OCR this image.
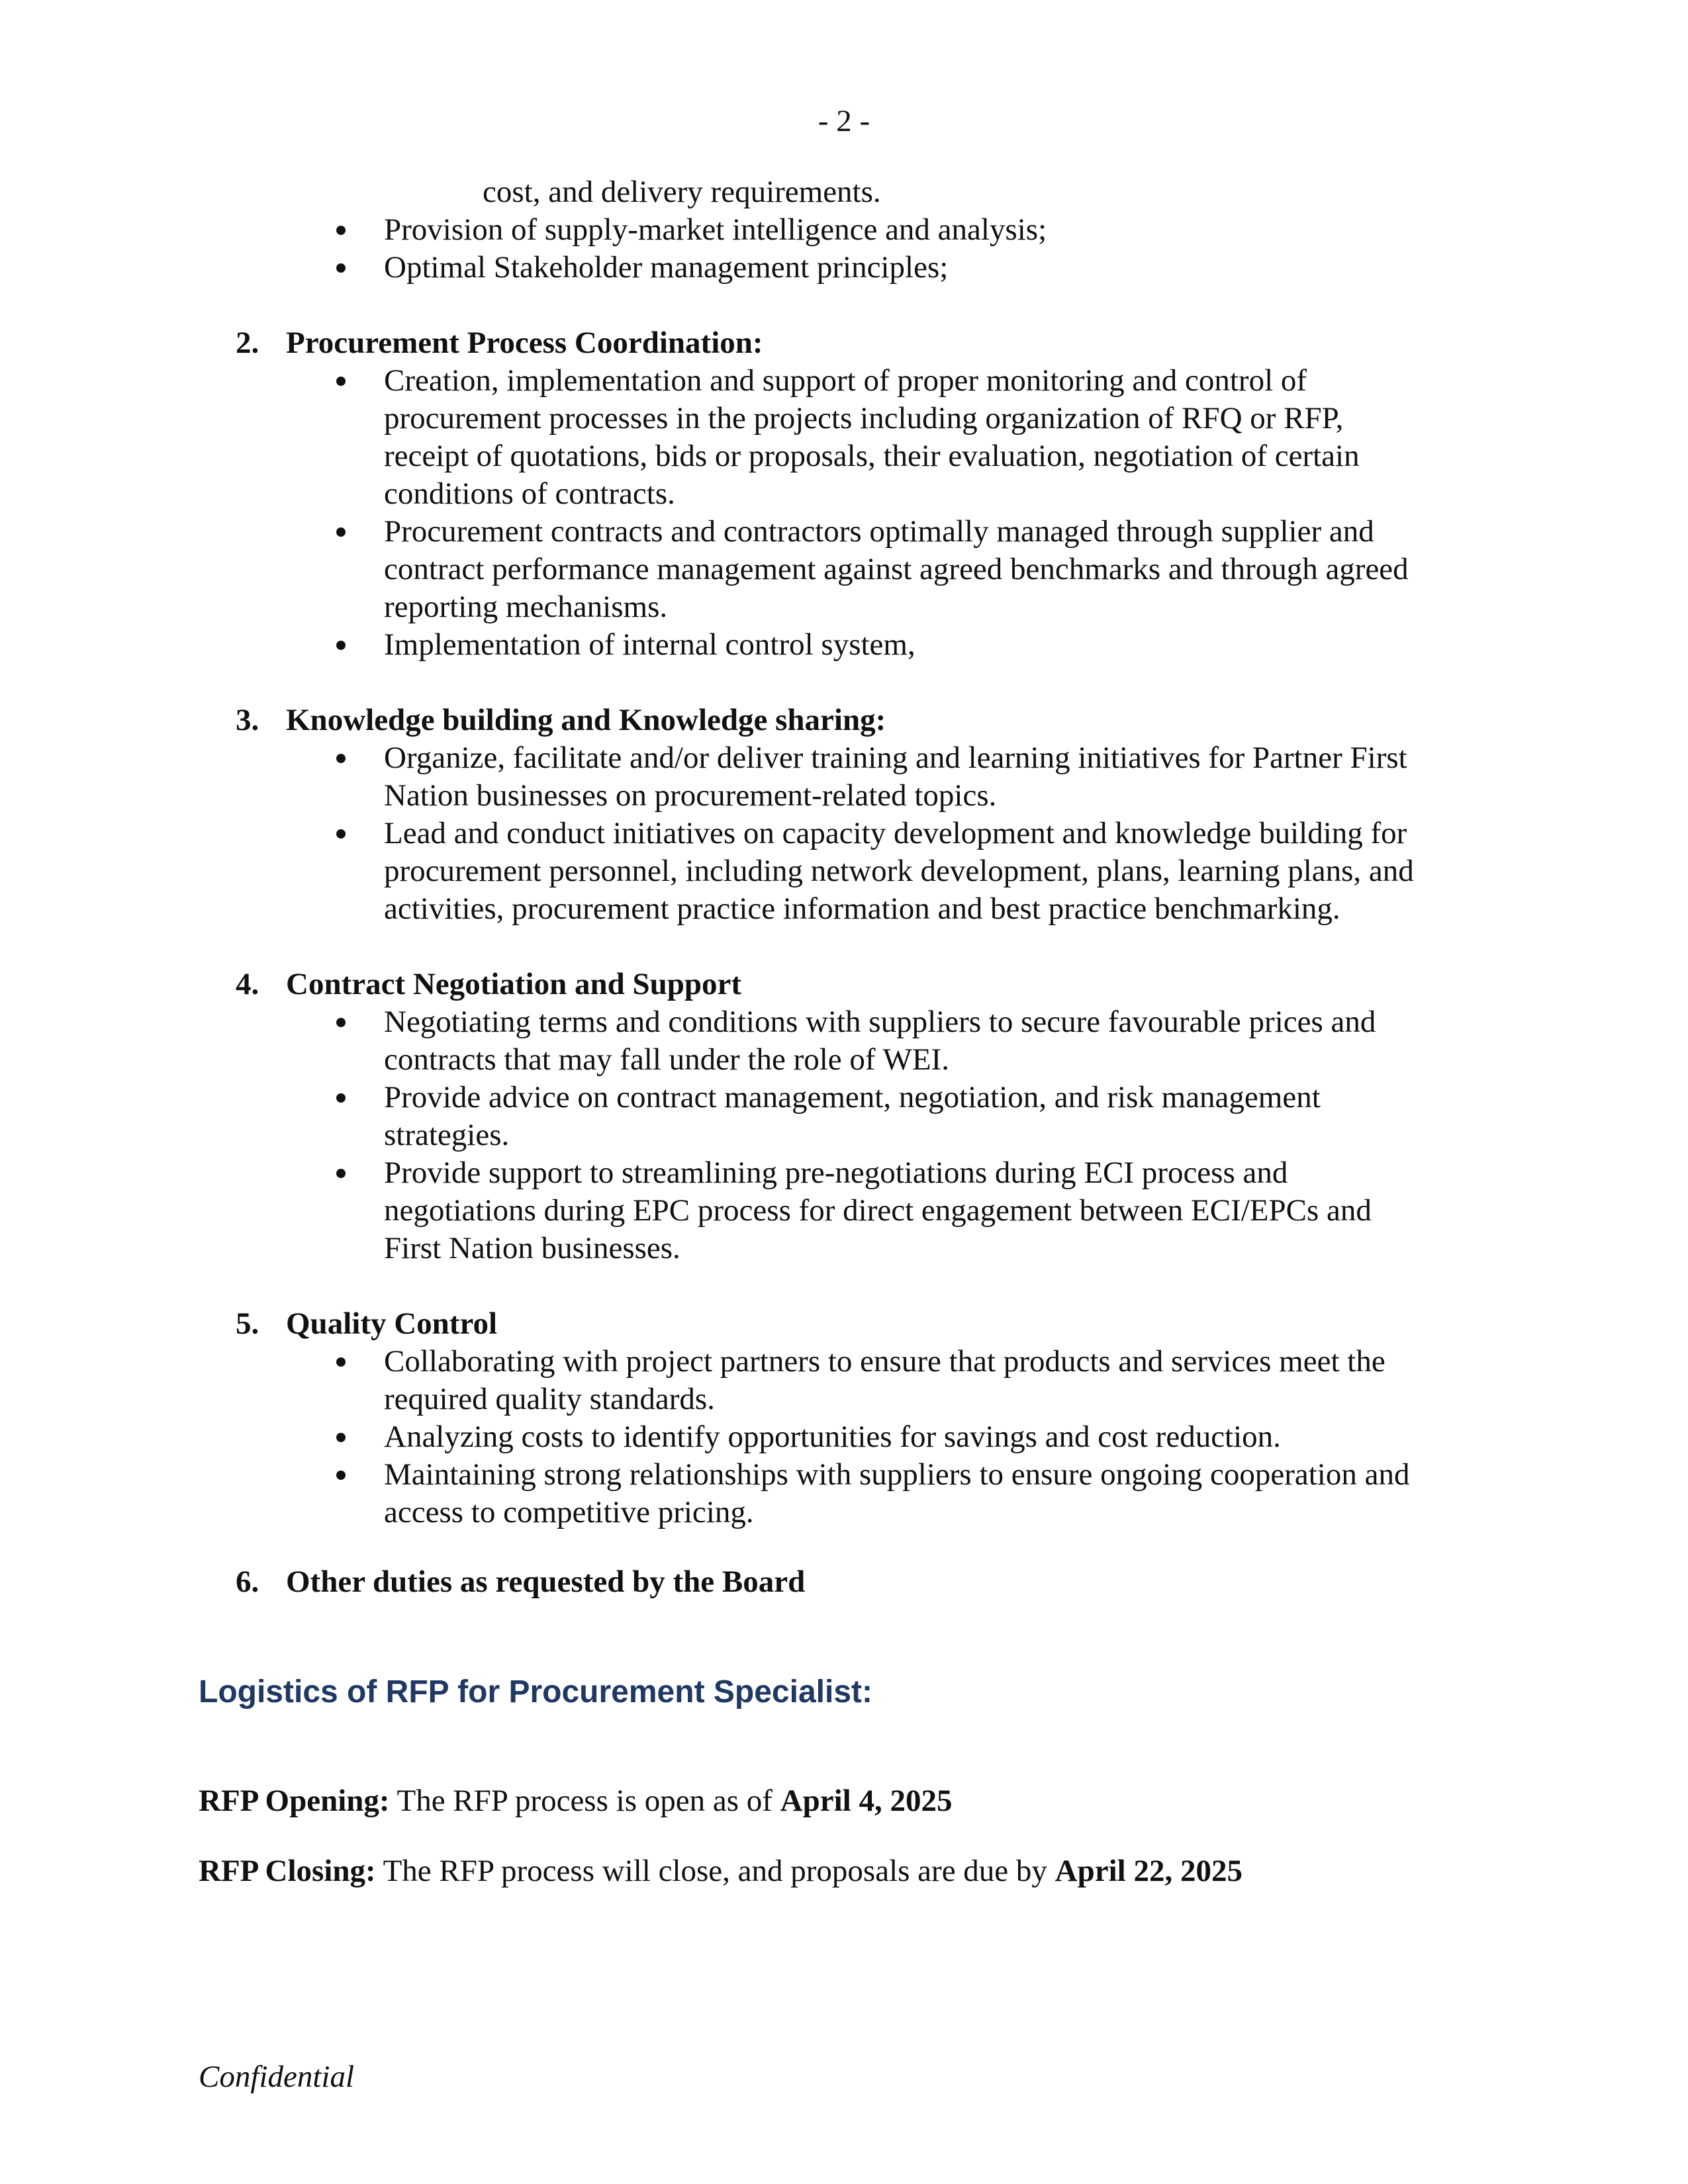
- 2 -
cost, and delivery requirements.
Provision of supply-market intelligence and analysis;
Optimal Stakeholder management principles;
2. Procurement Process Coordination:
Creation, implementation and support of proper monitoring and control of
procurement processes in the projects including organization of RFQ or RFP,
receipt of quotations, bids or proposals, their evaluation, negotiation of certain
conditions of contracts.
Procurement contracts and contractors optimally managed through supplier and
contract performance management against agreed benchmarks and through agreed
reporting mechanisms.
Implementation of internal control system,
3. Knowledge building and Knowledge sharing:
Organize, facilitate and/or deliver training and learning initiatives for Partner First
Nation businesses on procurement-related topics.
Lead and conduct initiatives on capacity development and knowledge building for
procurement personnel, including network development, plans, learning plans, and
activities, procurement practice information and best practice benchmarking.
4. Contract Negotiation and Support
Negotiating terms and conditions with suppliers to secure favourable prices and
contracts that may fall under the role of WEI.
Provide advice on contract management, negotiation, and risk management
strategies.
Provide support to streamlining pre-negotiations during ECI process and
negotiations during EPC process for direct engagement between ECI/EPCs and
First Nation businesses.
5. Quality Control
Collaborating with project partners to ensure that products and services meet the
required quality standards.
Analyzing costs to identify opportunities for savings and cost reduction.
Maintaining strong relationships with suppliers to ensure ongoing cooperation and
access to competitive pricing.
6. Other duties as requested by the Board
Logistics of RFP for Procurement Specialist:
RFP Opening: The RFP process is open as of April 4, 2025
RFP Closing: The RFP process will close, and proposals are due by April 22, 2025
Confidential
